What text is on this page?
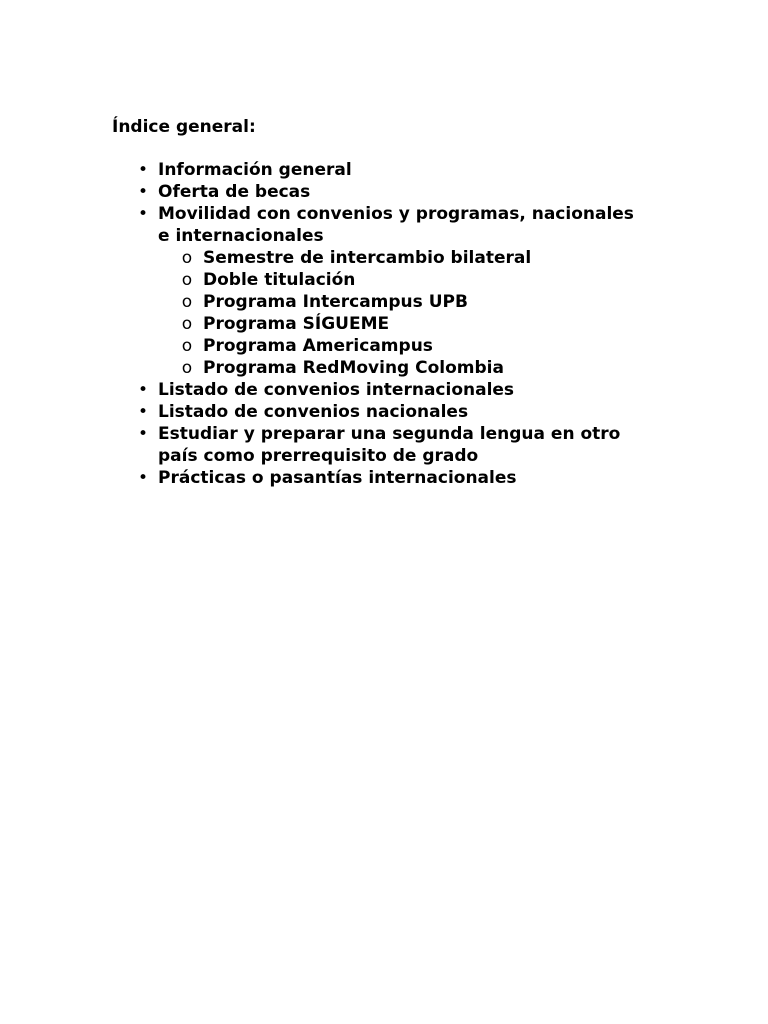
Índice general:
• Información general
• Oferta de becas
• Movilidad con convenios y programas, nacionales e internacionales
o Semestre de intercambio bilateral
o Doble titulación
o Programa Intercampus UPB
o Programa SÍGUEME
o Programa Americampus
o Programa RedMoving Colombia
• Listado de convenios internacionales
• Listado de convenios nacionales
• Estudiar y preparar una segunda lengua en otro país como prerrequisito de grado
• Prácticas o pasantías internacionales
